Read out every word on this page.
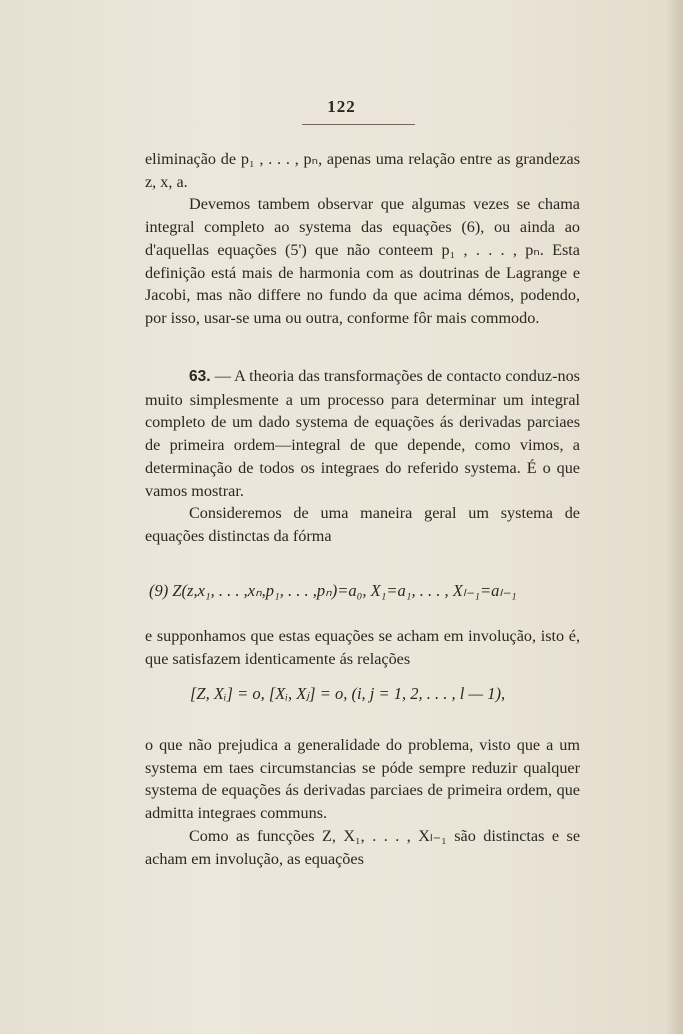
122

eliminação de p₁ , . . . , pₙ, apenas uma relação entre as grandezas z, x, a.

Devemos tambem observar que algumas vezes se chama integral completo ao systema das equações (6), ou ainda ao d'aquellas equações (5') que não conteem p₁ , . . . , pₙ. Esta definição está mais de harmonia com as doutrinas de Lagrange e Jacobi, mas não differe no fundo da que acima démos, podendo, por isso, usar-se uma ou outra, conforme fôr mais commodo.

63. — A theoria das transformações de contacto conduz-nos muito simplesmente a um processo para determinar um integral completo de um dado systema de equações ás derivadas parciaes de primeira ordem—integral de que depende, como vimos, a determinação de todos os integraes do referido systema. É o que vamos mostrar.

Consideremos de uma maneira geral um systema de equações distinctas da fórma

(9) Z(z,x₁, . . . ,xₙ,p₁, . . . ,pₙ)=a₀, X₁=a₁, . . . , Xₗ₋₁=aₗ₋₁

e supponhamos que estas equações se acham em involução, isto é, que satisfazem identicamente ás relações

[Z, Xᵢ] = o, [Xᵢ, Xⱼ] = o, (i, j = 1, 2, . . . , l — 1),

o que não prejudica a generalidade do problema, visto que a um systema em taes circumstancias se póde sempre reduzir qualquer systema de equações ás derivadas parciaes de primeira ordem, que admitta integraes communs.

Como as funcções Z, X₁, . . . , Xₗ₋₁ são distinctas e se acham em involução, as equações
